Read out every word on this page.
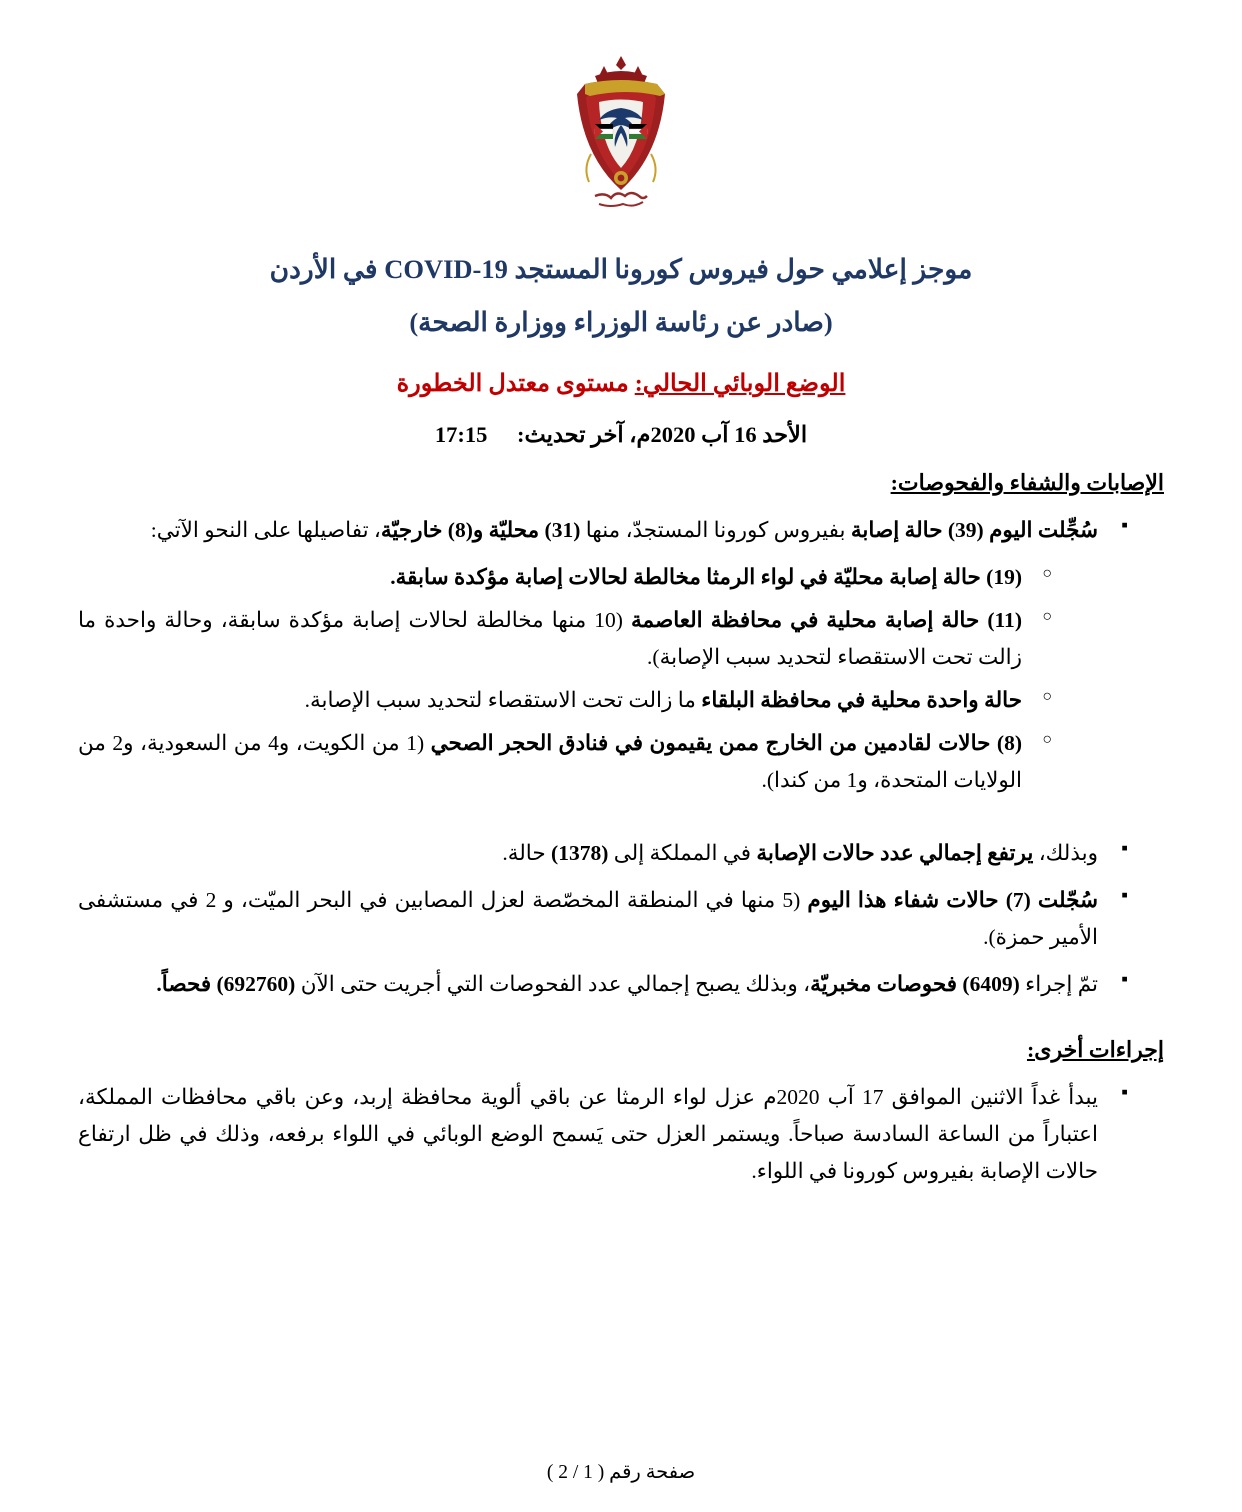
موجز إعلامي حول فيروس كورونا المستجد COVID-19 في الأردن
(صادر عن رئاسة الوزراء ووزارة الصحة)
الوضع الوبائي الحالي: مستوى معتدل الخطورة
الأحد 16 آب 2020م، آخر تحديث: 17:15
الإصابات والشفاء والفحوصات:
▪ سُجِّلت اليوم (39) حالة إصابة بفيروس كورونا المستجدّ، منها (31) محليّة و(8) خارجيّة، تفاصيلها على النحو الآتي:
○ (19) حالة إصابة محليّة في لواء الرمثا مخالطة لحالات إصابة مؤكدة سابقة.
○ (11) حالة إصابة محلية في محافظة العاصمة (10 منها مخالطة لحالات إصابة مؤكدة سابقة، وحالة واحدة ما زالت تحت الاستقصاء لتحديد سبب الإصابة).
○ حالة واحدة محلية في محافظة البلقاء ما زالت تحت الاستقصاء لتحديد سبب الإصابة.
○ (8) حالات لقادمين من الخارج ممن يقيمون في فنادق الحجر الصحي (1 من الكويت، و4 من السعودية، و2 من الولايات المتحدة، و1 من كندا).
▪ وبذلك، يرتفع إجمالي عدد حالات الإصابة في المملكة إلى (1378) حالة.
▪ سُجّلت (7) حالات شفاء هذا اليوم (5 منها في المنطقة المخصّصة لعزل المصابين في البحر الميّت، و 2 في مستشفى الأمير حمزة).
▪ تمّ إجراء (6409) فحوصات مخبريّة، وبذلك يصبح إجمالي عدد الفحوصات التي أجريت حتى الآن (692760) فحصاً.
إجراءات أخرى:
▪ يبدأ غداً الاثنين الموافق 17 آب 2020م عزل لواء الرمثا عن باقي ألوية محافظة إربد، وعن باقي محافظات المملكة، اعتباراً من الساعة السادسة صباحاً. ويستمر العزل حتى يَسمح الوضع الوبائي في اللواء برفعه، وذلك في ظل ارتفاع حالات الإصابة بفيروس كورونا في اللواء.
صفحة رقم ( 1 / 2 )
